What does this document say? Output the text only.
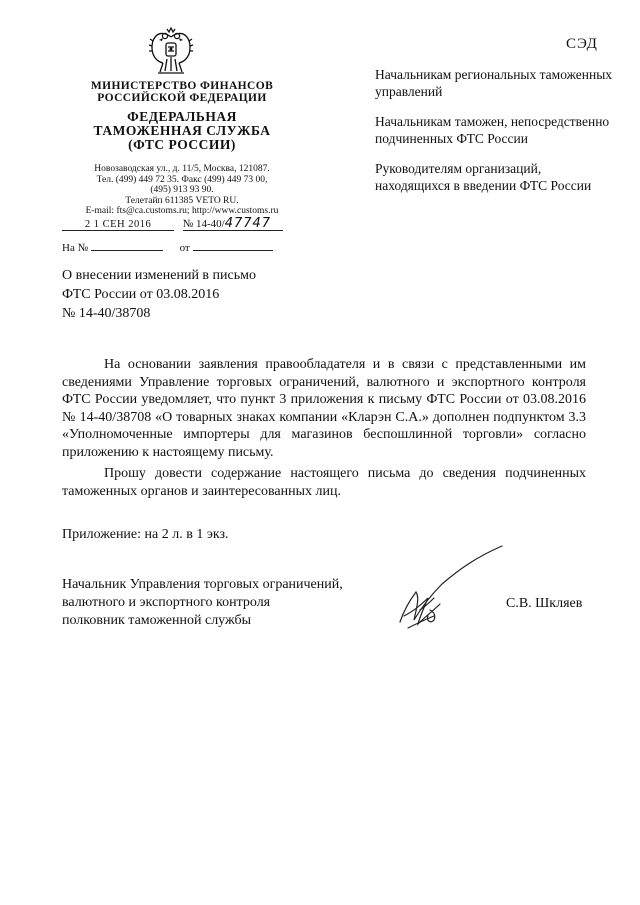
СЭД
МИНИСТЕРСТВО ФИНАНСОВ
РОССИЙСКОЙ ФЕДЕРАЦИИ
ФЕДЕРАЛЬНАЯ
ТАМОЖЕННАЯ СЛУЖБА
(ФТС РОССИИ)
Новозаводская ул., д. 11/5, Москва, 121087.
Тел. (499) 449 72 35. Факс (499) 449 73 00,
(495) 913 93 90.
Телетайп 611385 VETO RU.
E-mail: fts@ca.customs.ru; http://www.customs.ru
2 1 СЕН 2016	№ 14-40/47747
На №	от

Начальникам региональных таможенных управлений

Начальникам таможен, непосредственно подчиненных ФТС России

Руководителям организаций, находящихся в введении ФТС России

О внесении изменений в письмо
ФТС России от 03.08.2016
№ 14-40/38708

На основании заявления правообладателя и в связи с представленными им сведениями Управление торговых ограничений, валютного и экспортного контроля ФТС России уведомляет, что пункт 3 приложения к письму ФТС России от 03.08.2016 № 14-40/38708 «О товарных знаках компании «Кларэн С.А.» дополнен подпунктом 3.3 «Уполномоченные импортеры для магазинов беспошлинной торговли» согласно приложению к настоящему письму.

Прошу довести содержание настоящего письма до сведения подчиненных таможенных органов и заинтересованных лиц.

Приложение: на 2 л. в 1 экз.
Начальник Управления торговых ограничений,
валютного и экспортного контроля
полковник таможенной службы
С.В. Шкляев
